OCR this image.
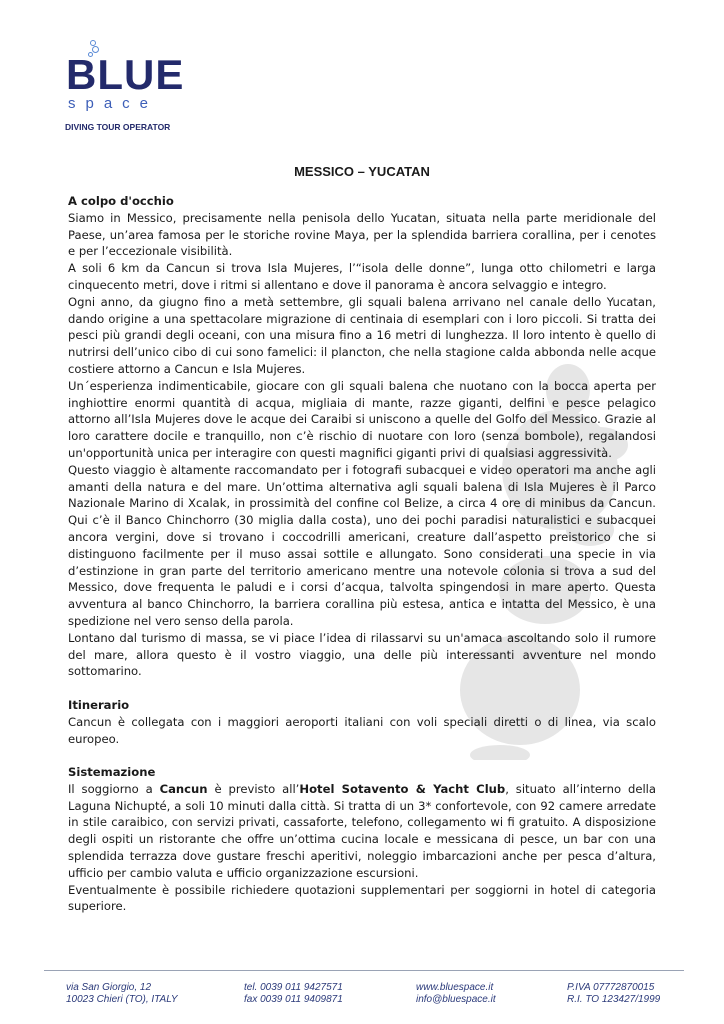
BLUE
space
DIVING TOUR OPERATOR
MESSICO – YUCATAN
A colpo d'occhio

Siamo in Messico, precisamente nella penisola dello Yucatan, situata nella parte meridionale del Paese, un’area famosa per le storiche rovine Maya, per la splendida barriera corallina, per i cenotes e per l’eccezionale visibilità.

A soli 6 km da Cancun si trova Isla Mujeres, l’“isola delle donne”, lunga otto chilometri e larga cinquecento metri, dove i ritmi si allentano e dove il panorama è ancora selvaggio e integro.

Ogni anno, da giugno fino a metà settembre, gli squali balena arrivano nel canale dello Yucatan, dando origine a una spettacolare migrazione di centinaia di esemplari con i loro piccoli. Si tratta dei pesci più grandi degli oceani, con una misura fino a 16 metri di lunghezza. Il loro intento è quello di nutrirsi dell’unico cibo di cui sono famelici: il plancton, che nella stagione calda abbonda nelle acque costiere attorno a Cancun e Isla Mujeres.

Un´esperienza indimenticabile, giocare con gli squali balena che nuotano con la bocca aperta per inghiottire enormi quantità di acqua, migliaia di mante, razze giganti, delfini e pesce pelagico attorno all’Isla Mujeres dove le acque dei Caraibi si uniscono a quelle del Golfo del Messico. Grazie al loro carattere docile e tranquillo, non c’è rischio di nuotare con loro (senza bombole), regalandosi un'opportunità unica per interagire con questi magnifici giganti privi di qualsiasi aggressività.

Questo viaggio è altamente raccomandato per i fotografi subacquei e video operatori ma anche agli amanti della natura e del mare. Un’ottima alternativa agli squali balena di Isla Mujeres è il Parco Nazionale Marino di Xcalak, in prossimità del confine col Belize, a circa 4 ore di minibus da Cancun. Qui c’è il Banco Chinchorro (30 miglia dalla costa), uno dei pochi paradisi naturalistici e subacquei ancora vergini, dove si trovano i coccodrilli americani, creature dall’aspetto preistorico che si distinguono facilmente per il muso assai sottile e allungato. Sono considerati una specie in via d’estinzione in gran parte del territorio americano mentre una notevole colonia si trova a sud del Messico, dove frequenta le paludi e i corsi d’acqua, talvolta spingendosi in mare aperto. Questa avventura al banco Chinchorro, la barriera corallina più estesa, antica e intatta del Messico, è una spedizione nel vero senso della parola.

Lontano dal turismo di massa, se vi piace l’idea di rilassarvi su un'amaca ascoltando solo il rumore del mare, allora questo è il vostro viaggio, una delle più interessanti avventure nel mondo sottomarino.

Itinerario

Cancun è collegata con i maggiori aeroporti italiani con voli speciali diretti o di linea, via scalo europeo.

Sistemazione

Il soggiorno a Cancun è previsto all’Hotel Sotavento & Yacht Club, situato all’interno della Laguna Nichupté, a soli 10 minuti dalla città. Si tratta di un 3* confortevole, con 92 camere arredate in stile caraibico, con servizi privati, cassaforte, telefono, collegamento wi fi gratuito. A disposizione degli ospiti un ristorante che offre un’ottima cucina locale e messicana di pesce, un bar con una splendida terrazza dove gustare freschi aperitivi, noleggio imbarcazioni anche per pesca d’altura, ufficio per cambio valuta e ufficio organizzazione escursioni.

Eventualmente è possibile richiedere quotazioni supplementari per soggiorni in hotel di categoria superiore.

via San Giorgio, 12
10023 Chieri (TO), ITALY
tel. 0039 011 9427571
fax 0039 011 9409871
www.bluespace.it
info@bluespace.it
P.IVA 07772870015
R.I. TO 123427/1999
